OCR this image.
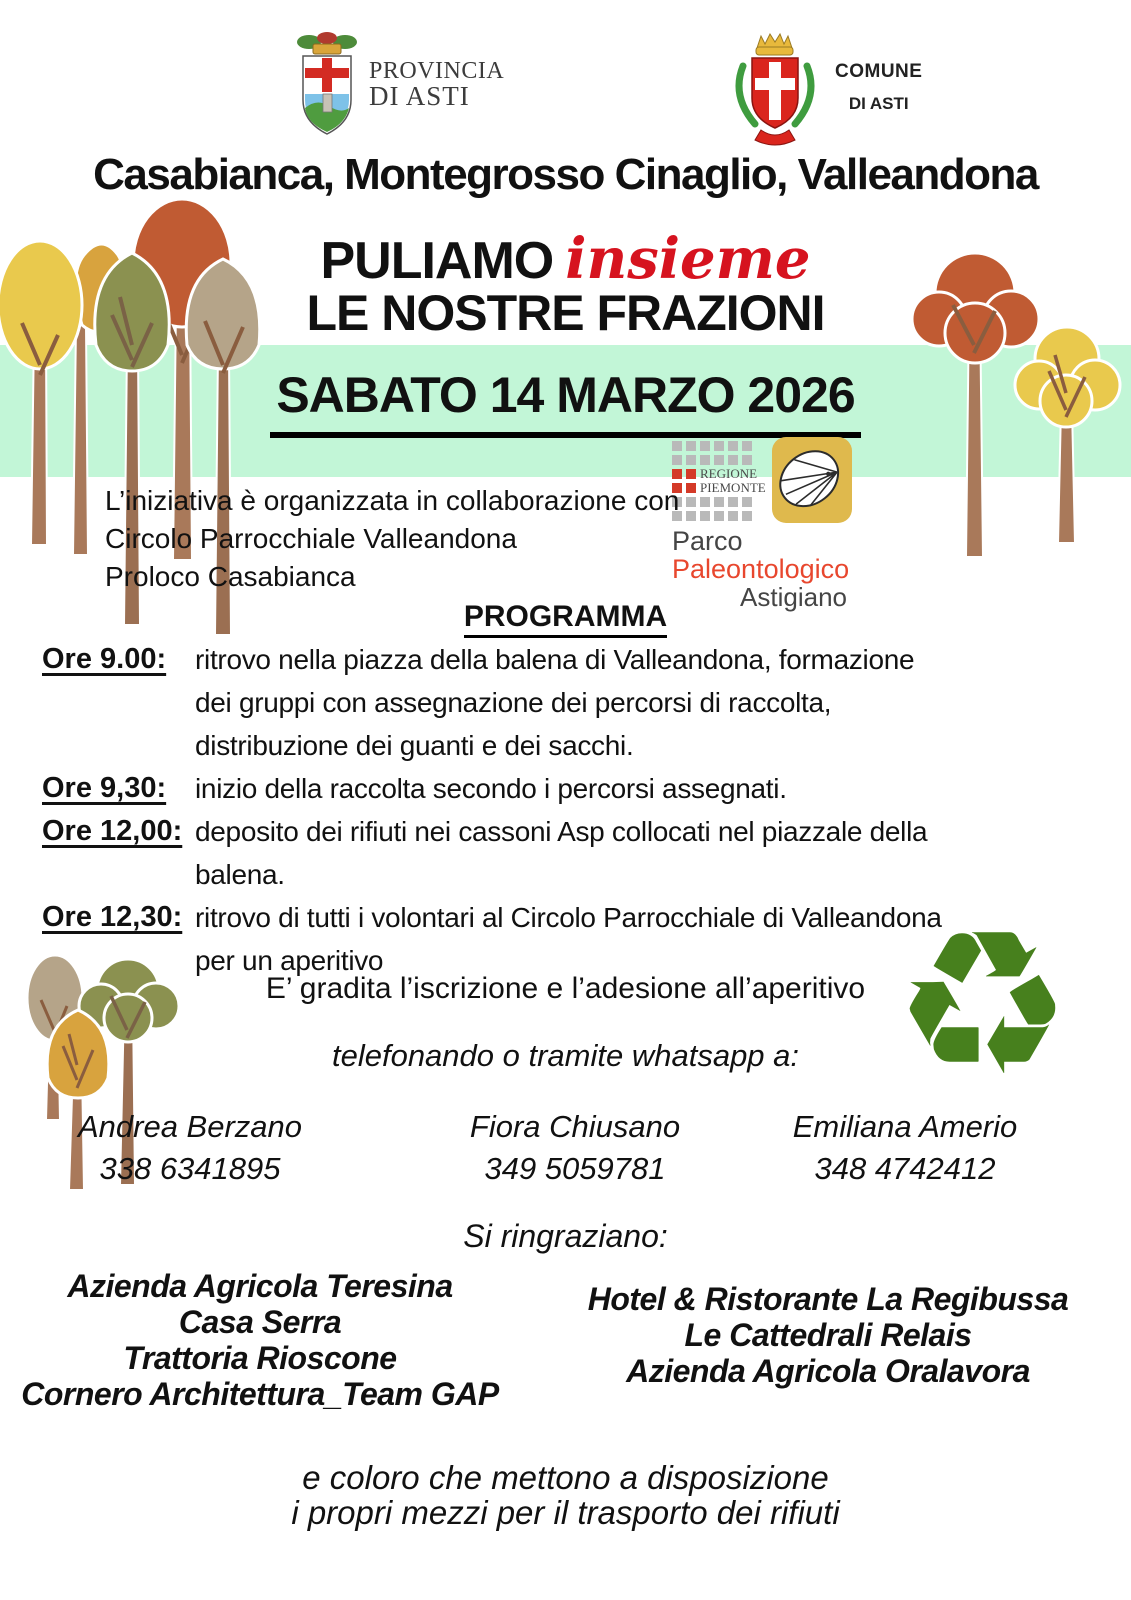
PROVINCIA
DI ASTI
COMUNE
DI ASTI
Casabianca, Montegrosso Cinaglio, Valleandona
PULIAMO insieme
LE NOSTRE FRAZIONI
SABATO 14 MARZO 2026
REGIONE
PIEMONTE
Parco
Paleontologico
Astigiano
L’iniziativa è organizzata in collaborazione con
Circolo Parrocchiale Valleandona
Proloco Casabianca
PROGRAMMA
Ore 9.00:	ritrovo nella piazza della balena di Valleandona, formazione dei gruppi con assegnazione dei percorsi di raccolta, distribuzione dei guanti e dei sacchi.
Ore 9,30:	inizio della raccolta secondo i percorsi assegnati.
Ore 12,00: deposito dei rifiuti nei cassoni Asp collocati nel piazzale della balena.
Ore 12,30: ritrovo di tutti i volontari al Circolo Parrocchiale di Valleandona per un aperitivo	♻
E’ gradita l’iscrizione e l’adesione all’aperitivo
telefonando o tramite whatsapp a:
Andrea Berzano
338 6341895
Fiora Chiusano
349 5059781
Emiliana Amerio
348 4742412
Si ringraziano:
Azienda Agricola Teresina
Casa Serra
Trattoria Rioscone
Cornero Architettura_Team GAP
Hotel & Ristorante La Regibussa
Le Cattedrali Relais
Azienda Agricola Oralavora
e coloro che mettono a disposizione
i propri mezzi per il trasporto dei rifiuti
